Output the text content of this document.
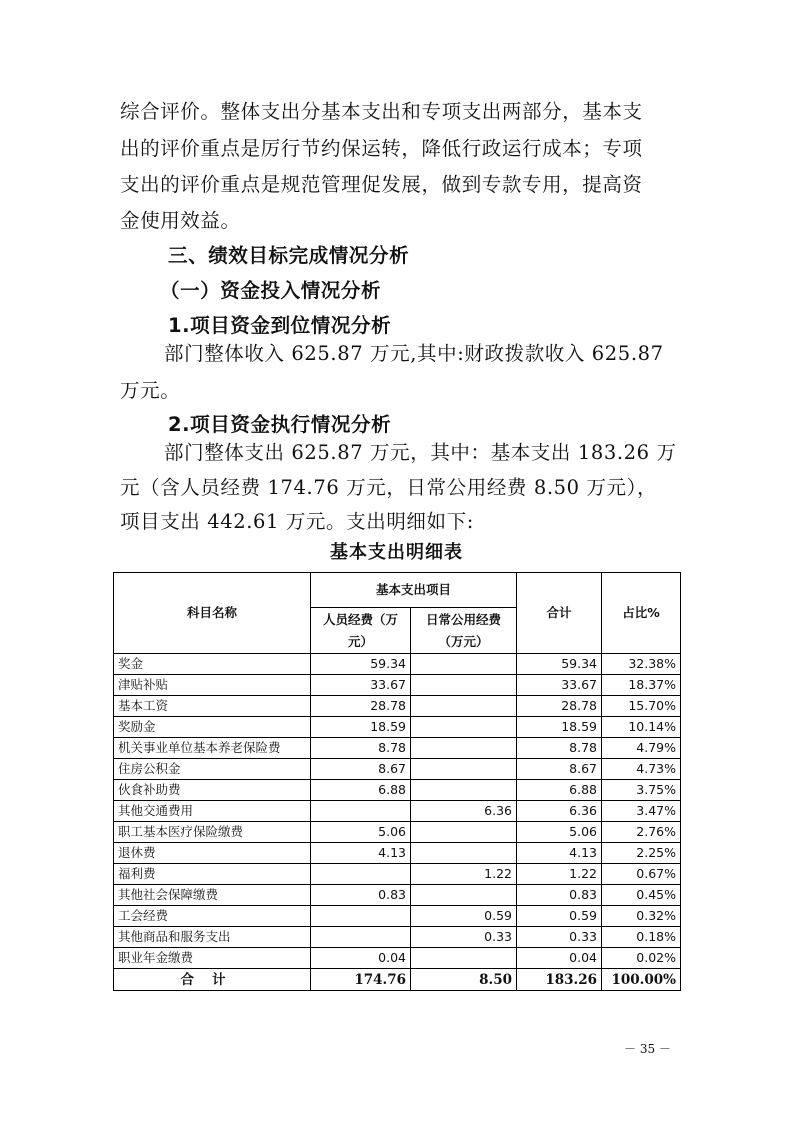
综合评价。整体支出分基本支出和专项支出两部分，基本支
出的评价重点是厉行节约保运转，降低行政运行成本；专项
支出的评价重点是规范管理促发展，做到专款专用，提高资
金使用效益。
三、绩效目标完成情况分析
（一）资金投入情况分析
1.项目资金到位情况分析
部门整体收入 625.87 万元,其中:财政拨款收入 625.87
万元。
2.项目资金执行情况分析
部门整体支出 625.87 万元，其中：基本支出 183.26 万
元（含人员经费 174.76 万元，日常公用经费 8.50 万元），
项目支出 442.61 万元。支出明细如下:
基本支出明细表
科目名称	基本支出项目		合计	占比%
	人员经费（万元）	日常公用经费（万元）		
奖金	59.34		59.34	32.38%
津贴补贴	33.67		33.67	18.37%
基本工资	28.78		28.78	15.70%
奖励金	18.59		18.59	10.14%
机关事业单位基本养老保险费	8.78		8.78	4.79%
住房公积金	8.67		8.67	4.73%
伙食补助费	6.88		6.88	3.75%
其他交通费用		6.36	6.36	3.47%
职工基本医疗保险缴费	5.06		5.06	2.76%
退休费	4.13		4.13	2.25%
福利费		1.22	1.22	0.67%
其他社会保障缴费	0.83		0.83	0.45%
工会经费		0.59	0.59	0.32%
其他商品和服务支出		0.33	0.33	0.18%
职业年金缴费	0.04		0.04	0.02%
合计	174.76	8.50	183.26	100.00%
－ 35 －
